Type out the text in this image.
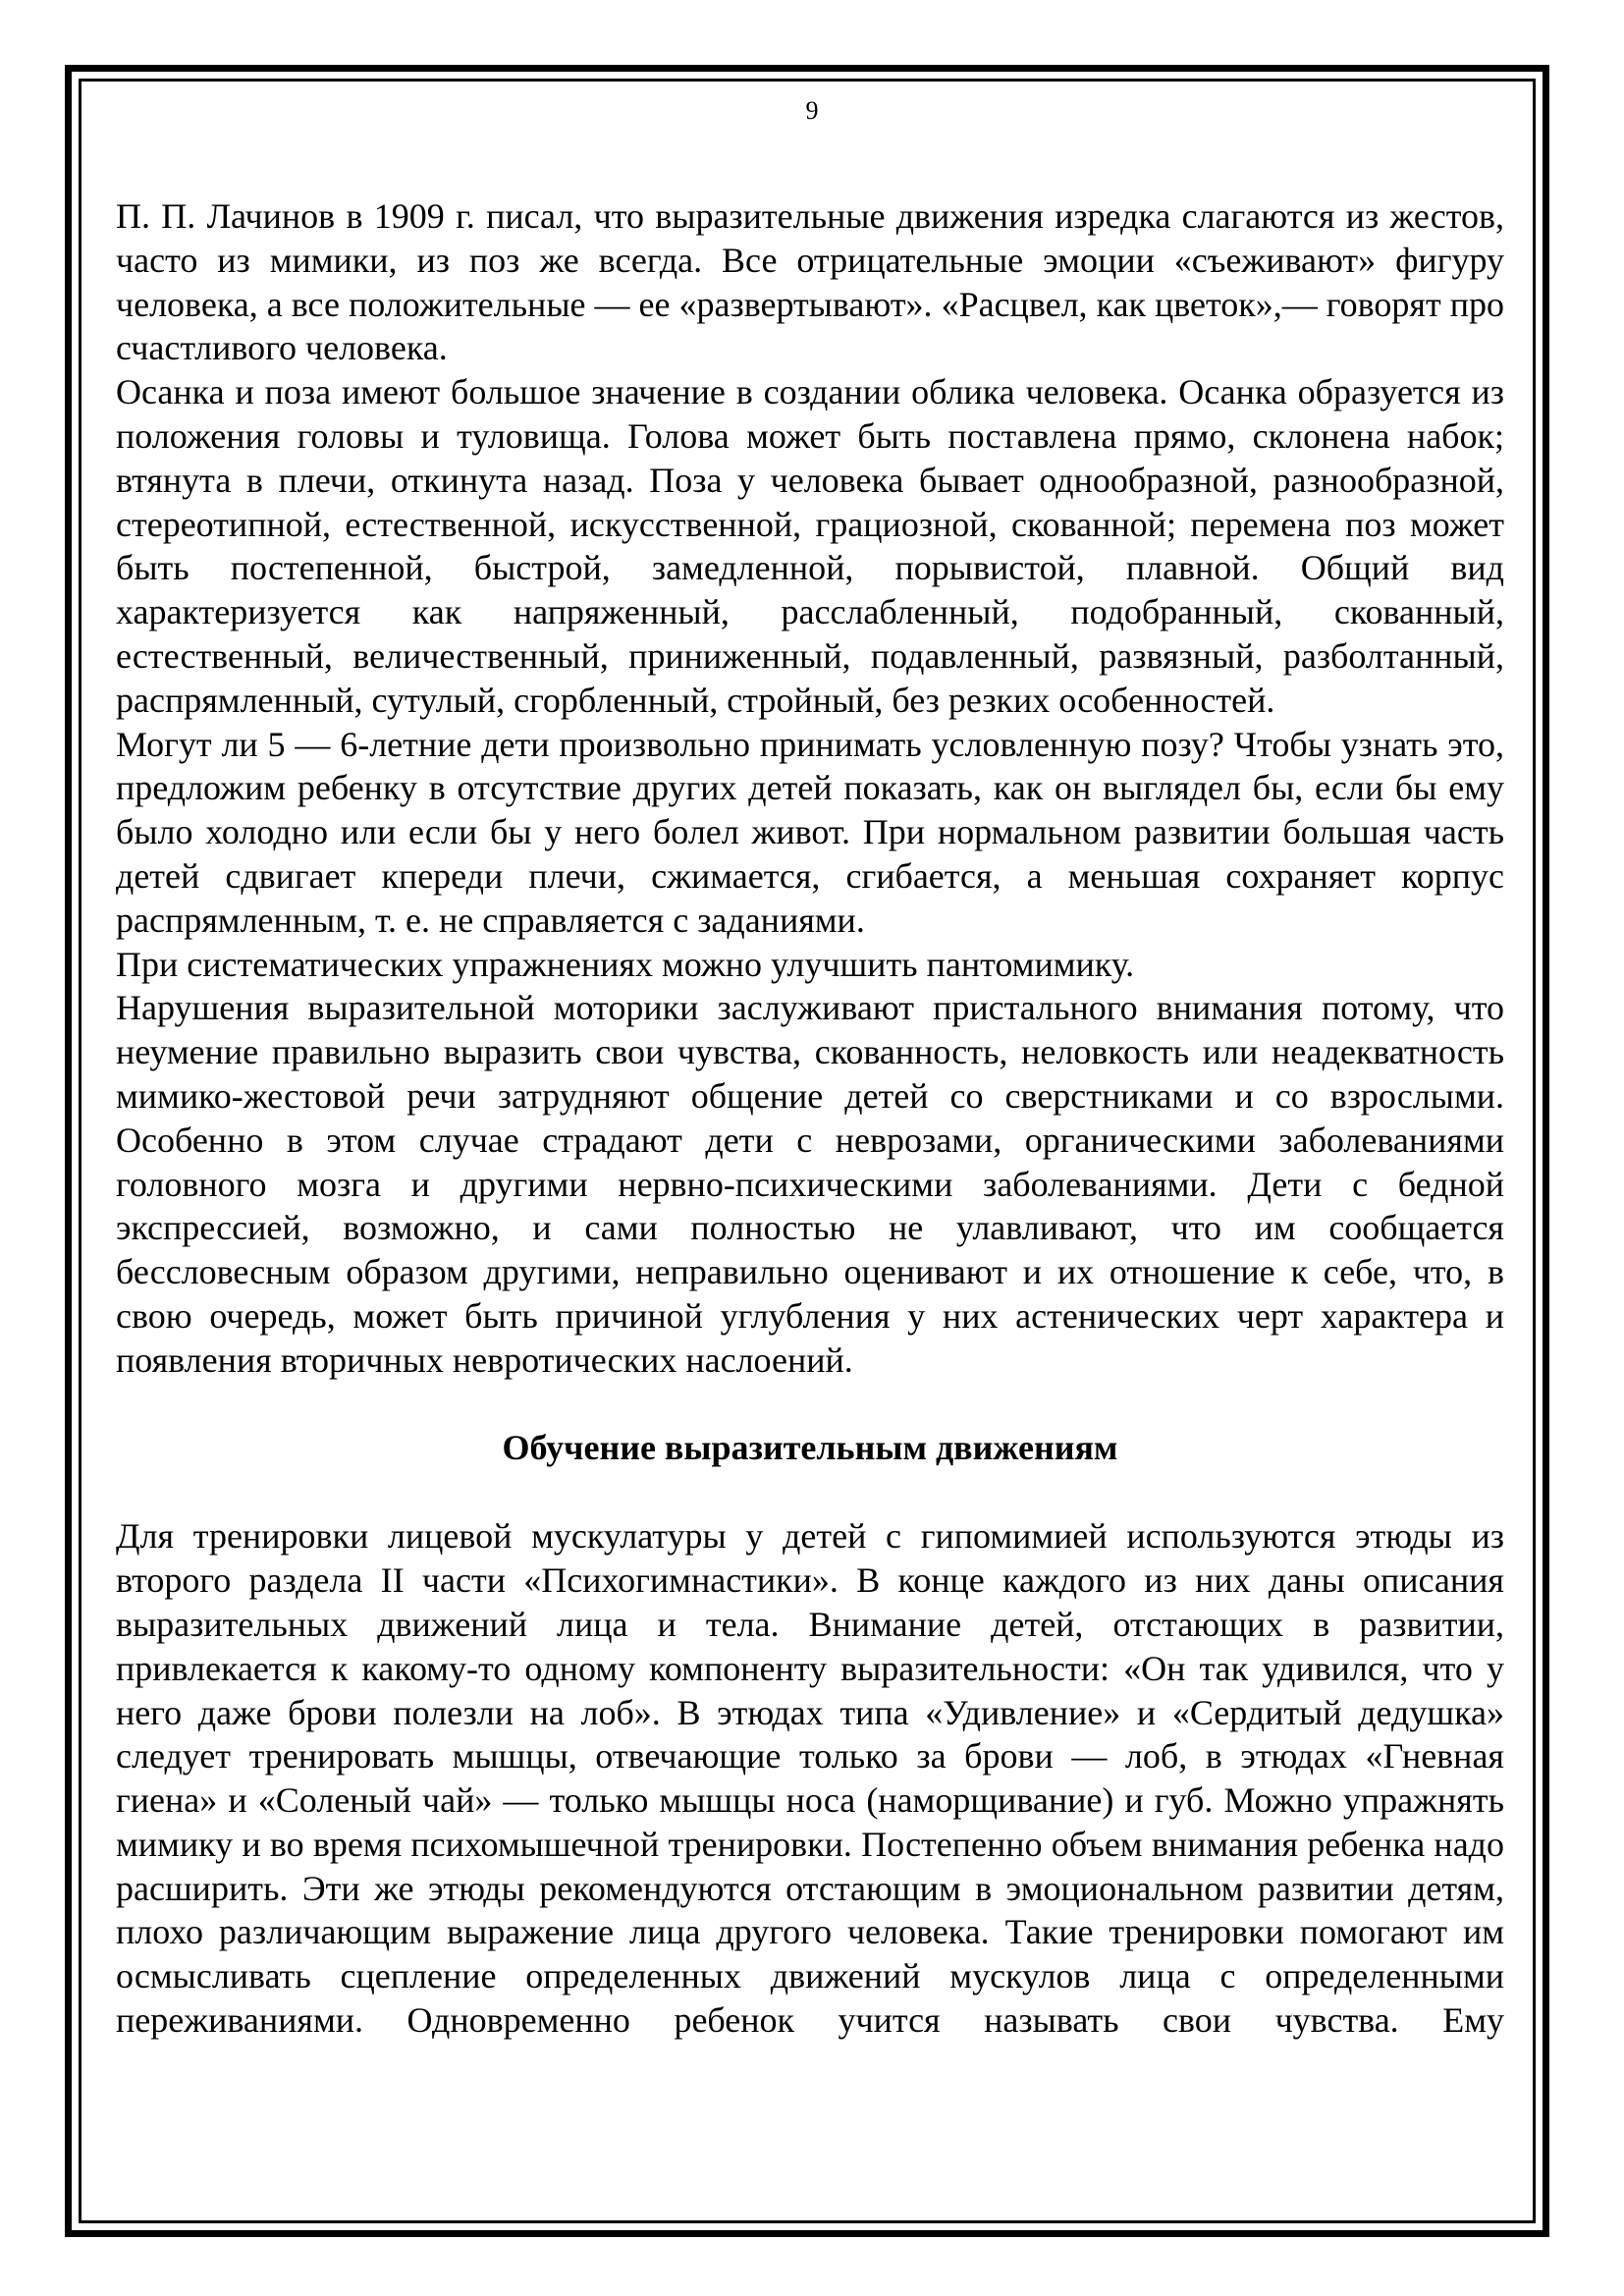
9

П. П. Лачинов в 1909 г. писал, что выразительные движения изредка слагаются из жестов, часто из мимики, из поз же всегда. Все отрицательные эмоции «съеживают» фигуру человека, а все положительные — ее «развертывают». «Расцвел, как цветок»,— говорят про счастливого человека.

Осанка и поза имеют большое значение в создании облика человека. Осанка образуется из положения головы и туловища. Голова может быть поставлена прямо, склонена набок; втянута в плечи, откинута назад. Поза у человека бывает однообразной, разнообразной, стереотипной, естественной, искусственной, грациозной, скованной; перемена поз может быть постепенной, быстрой, замедленной, порывистой, плавной. Общий вид характеризуется как напряженный, расслабленный, подобранный, скованный, естественный, величественный, приниженный, подавленный, развязный, разболтанный, распрямленный, сутулый, сгорбленный, стройный, без резких особенностей.

Могут ли 5 — 6-летние дети произвольно принимать условленную позу? Чтобы узнать это, предложим ребенку в отсутствие других детей показать, как он выглядел бы, если бы ему было холодно или если бы у него болел живот. При нормальном развитии большая часть детей сдвигает кпереди плечи, сжимается, сгибается, а меньшая сохраняет корпус распрямленным, т. е. не справляется с заданиями.

При систематических упражнениях можно улучшить пантомимику.

Нарушения выразительной моторики заслуживают пристального внимания потому, что неумение правильно выразить свои чувства, скованность, неловкость или неадекватность мимико-жестовой речи затрудняют общение детей со сверстниками и со взрослыми. Особенно в этом случае страдают дети с неврозами, органическими заболеваниями головного мозга и другими нервно-психическими заболеваниями. Дети с бедной экспрессией, возможно, и сами полностью не улавливают, что им сообщается бессловесным образом другими, неправильно оценивают и их отношение к себе, что, в свою очередь, может быть причиной углубления у них астенических черт характера и появления вторичных невротических наслоений.

Обучение выразительным движениям

Для тренировки лицевой мускулатуры у детей с гипомимией используются этюды из второго раздела II части «Психогимнастики». В конце каждого из них даны описания выразительных движений лица и тела. Внимание детей, отстающих в развитии, привлекается к какому-то одному компоненту выразительности: «Он так удивился, что у него даже брови полезли на лоб». В этюдах типа «Удивление» и «Сердитый дедушка» следует тренировать мышцы, отвечающие только за брови — лоб, в этюдах «Гневная гиена» и «Соленый чай» — только мышцы носа (наморщивание) и губ. Можно упражнять мимику и во время психомышечной тренировки. Постепенно объем внимания ребенка надо расширить. Эти же этюды рекомендуются отстающим в эмоциональном развитии детям, плохо различающим выражение лица другого человека. Такие тренировки помогают им осмысливать сцепление определенных движений мускулов лица с определенными переживаниями. Одновременно ребенок учится называть свои чувства. Ему
